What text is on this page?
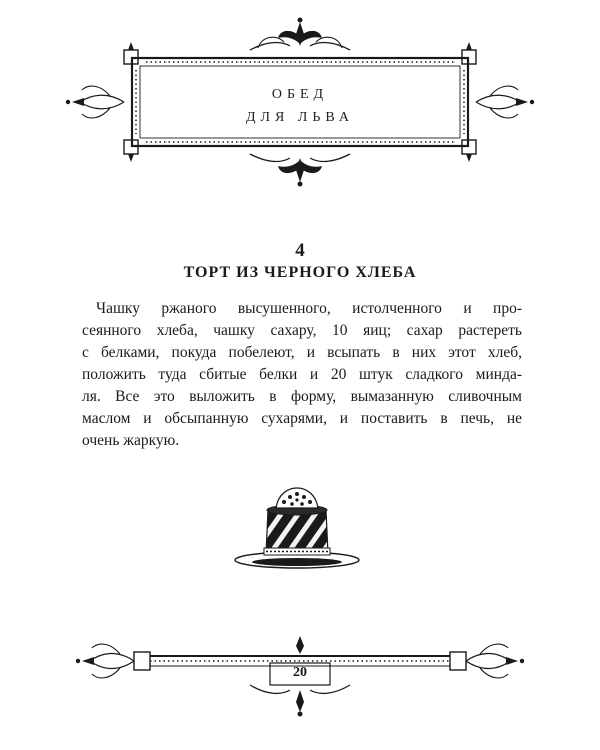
ОБЕД
ДЛЯ ЛЬВА
4
ТОРТ ИЗ ЧЕРНОГО ХЛЕБА
Чашку ржаного высушенного, истолченного и про-
сеянного хлеба, чашку сахару, 10 яиц; сахар растереть
с белками, покуда побелеют, и всыпать в них этот хлеб,
положить туда сбитые белки и 20 штук сладкого минда-
ля. Все это выложить в форму, вымазанную сливочным
маслом и обсыпанную сухарями, и поставить в печь, не
очень жаркую.
20
